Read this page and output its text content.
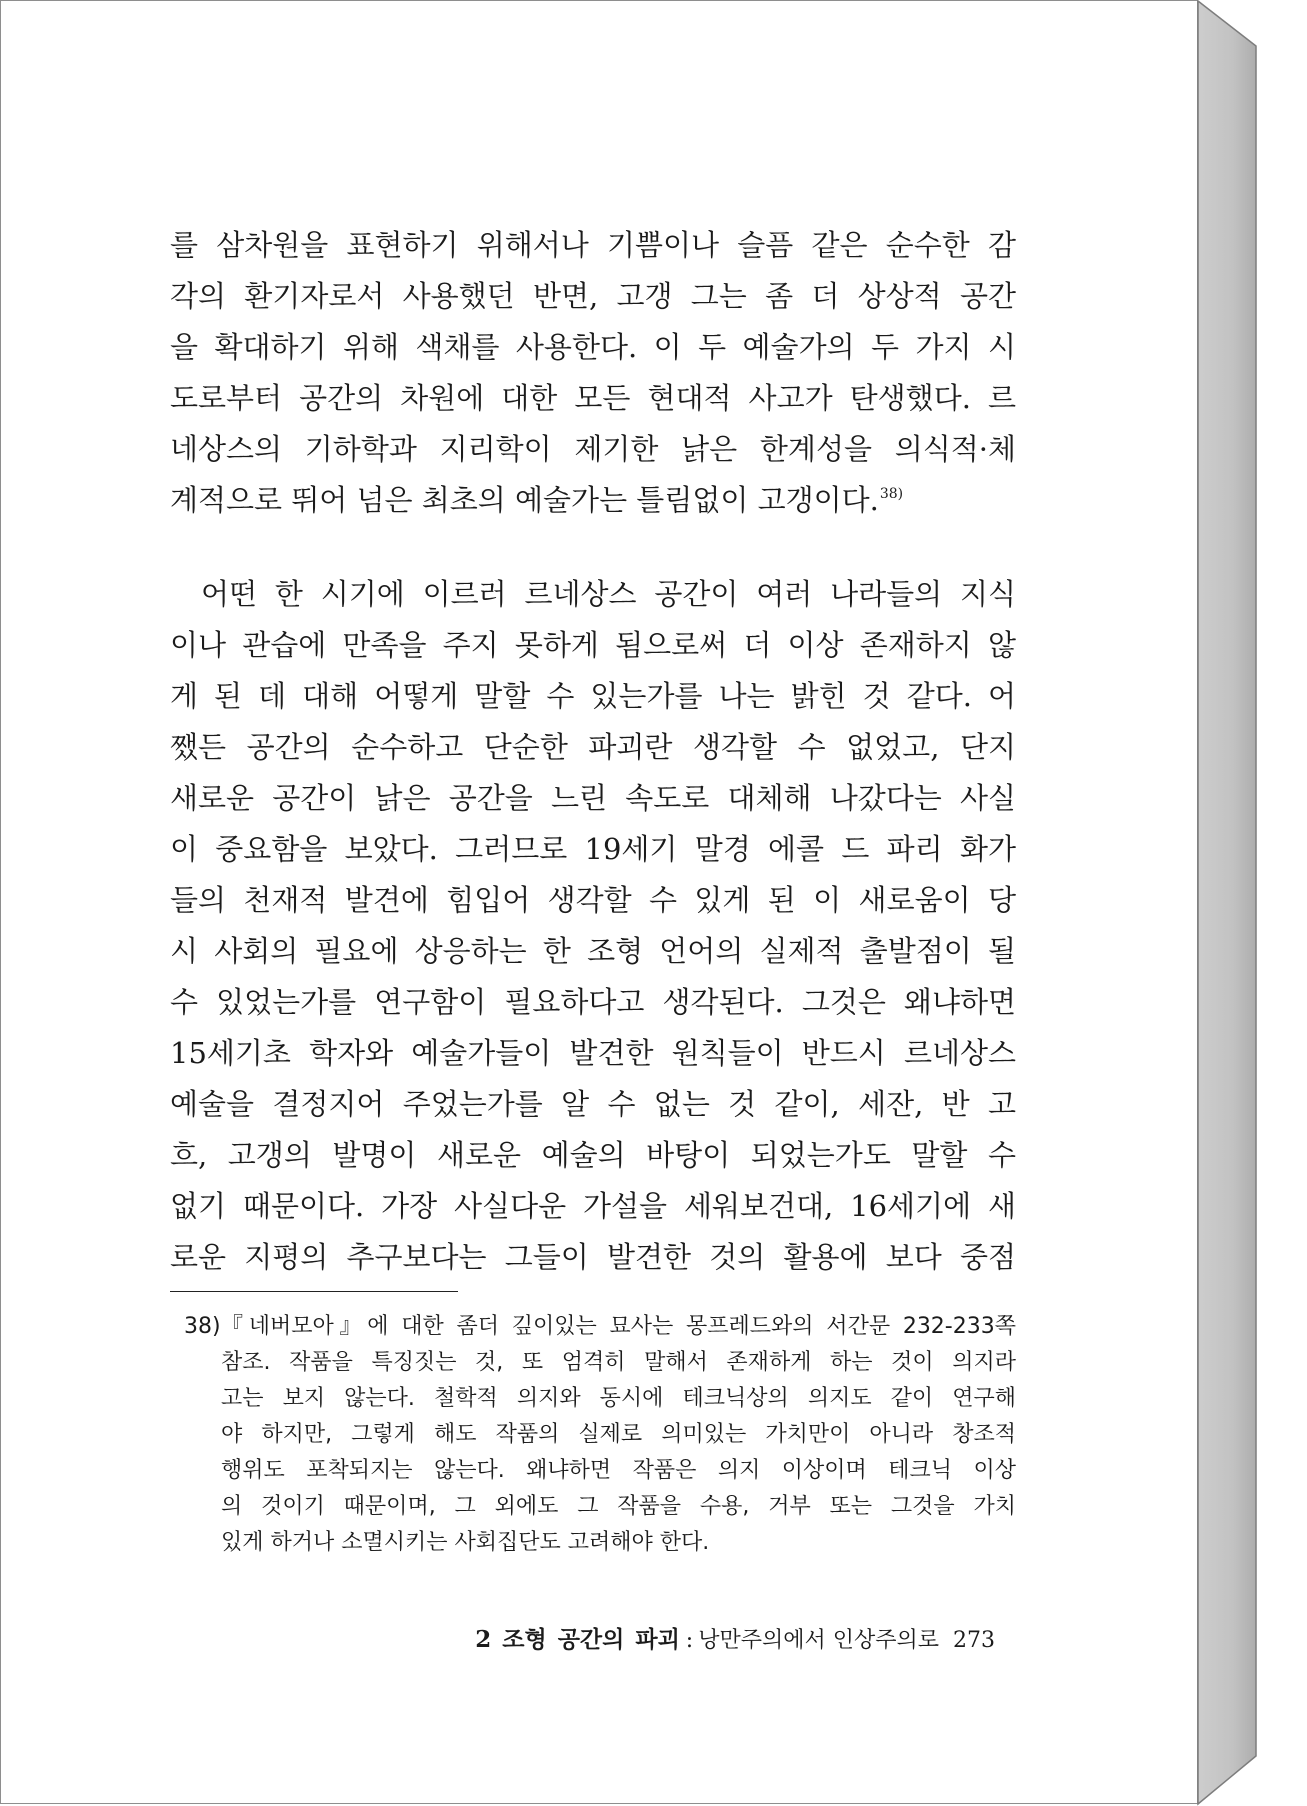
를 삼차원을 표현하기 위해서나 기쁨이나 슬픔 같은 순수한 감
각의 환기자로서 사용했던 반면, 고갱 그는 좀 더 상상적 공간
을 확대하기 위해 색채를 사용한다. 이 두 예술가의 두 가지 시
도로부터 공간의 차원에 대한 모든 현대적 사고가 탄생했다. 르
네상스의 기하학과 지리학이 제기한 낡은 한계성을 의식적·체
계적으로 뛰어 넘은 최초의 예술가는 틀림없이 고갱이다.$^{38)}$
어떤 한 시기에 이르러 르네상스 공간이 여러 나라들의 지식
이나 관습에 만족을 주지 못하게 됨으로써 더 이상 존재하지 않
게 된 데 대해 어떻게 말할 수 있는가를 나는 밝힌 것 같다. 어
쨌든 공간의 순수하고 단순한 파괴란 생각할 수 없었고, 단지
새로운 공간이 낡은 공간을 느린 속도로 대체해 나갔다는 사실
이 중요함을 보았다. 그러므로 19세기 말경 에콜 드 파리 화가
들의 천재적 발견에 힘입어 생각할 수 있게 된 이 새로움이 당
시 사회의 필요에 상응하는 한 조형 언어의 실제적 출발점이 될
수 있었는가를 연구함이 필요하다고 생각된다. 그것은 왜냐하면
15세기초 학자와 예술가들이 발견한 원칙들이 반드시 르네상스
예술을 결정지어 주었는가를 알 수 없는 것 같이, 세잔, 반 고
흐, 고갱의 발명이 새로운 예술의 바탕이 되었는가도 말할 수
없기 때문이다. 가장 사실다운 가설을 세워보건대, 16세기에 새
로운 지평의 추구보다는 그들이 발견한 것의 활용에 보다 중점
38) 『네버모아』에 대한 좀더 깊이있는 묘사는 몽프레드와의 서간문 232-233쪽
참조. 작품을 특징짓는 것, 또 엄격히 말해서 존재하게 하는 것이 의지라
고는 보지 않는다. 철학적 의지와 동시에 테크닉상의 의지도 같이 연구해
야 하지만, 그렇게 해도 작품의 실제로 의미있는 가치만이 아니라 창조적
행위도 포착되지는 않는다. 왜냐하면 작품은 의지 이상이며 테크닉 이상
의 것이기 때문이며, 그 외에도 그 작품을 수용, 거부 또는 그것을 가치
있게 하거나 소멸시키는 사회집단도 고려해야 한다.
2 조형 공간의 파괴 : 낭만주의에서 인상주의로 273
